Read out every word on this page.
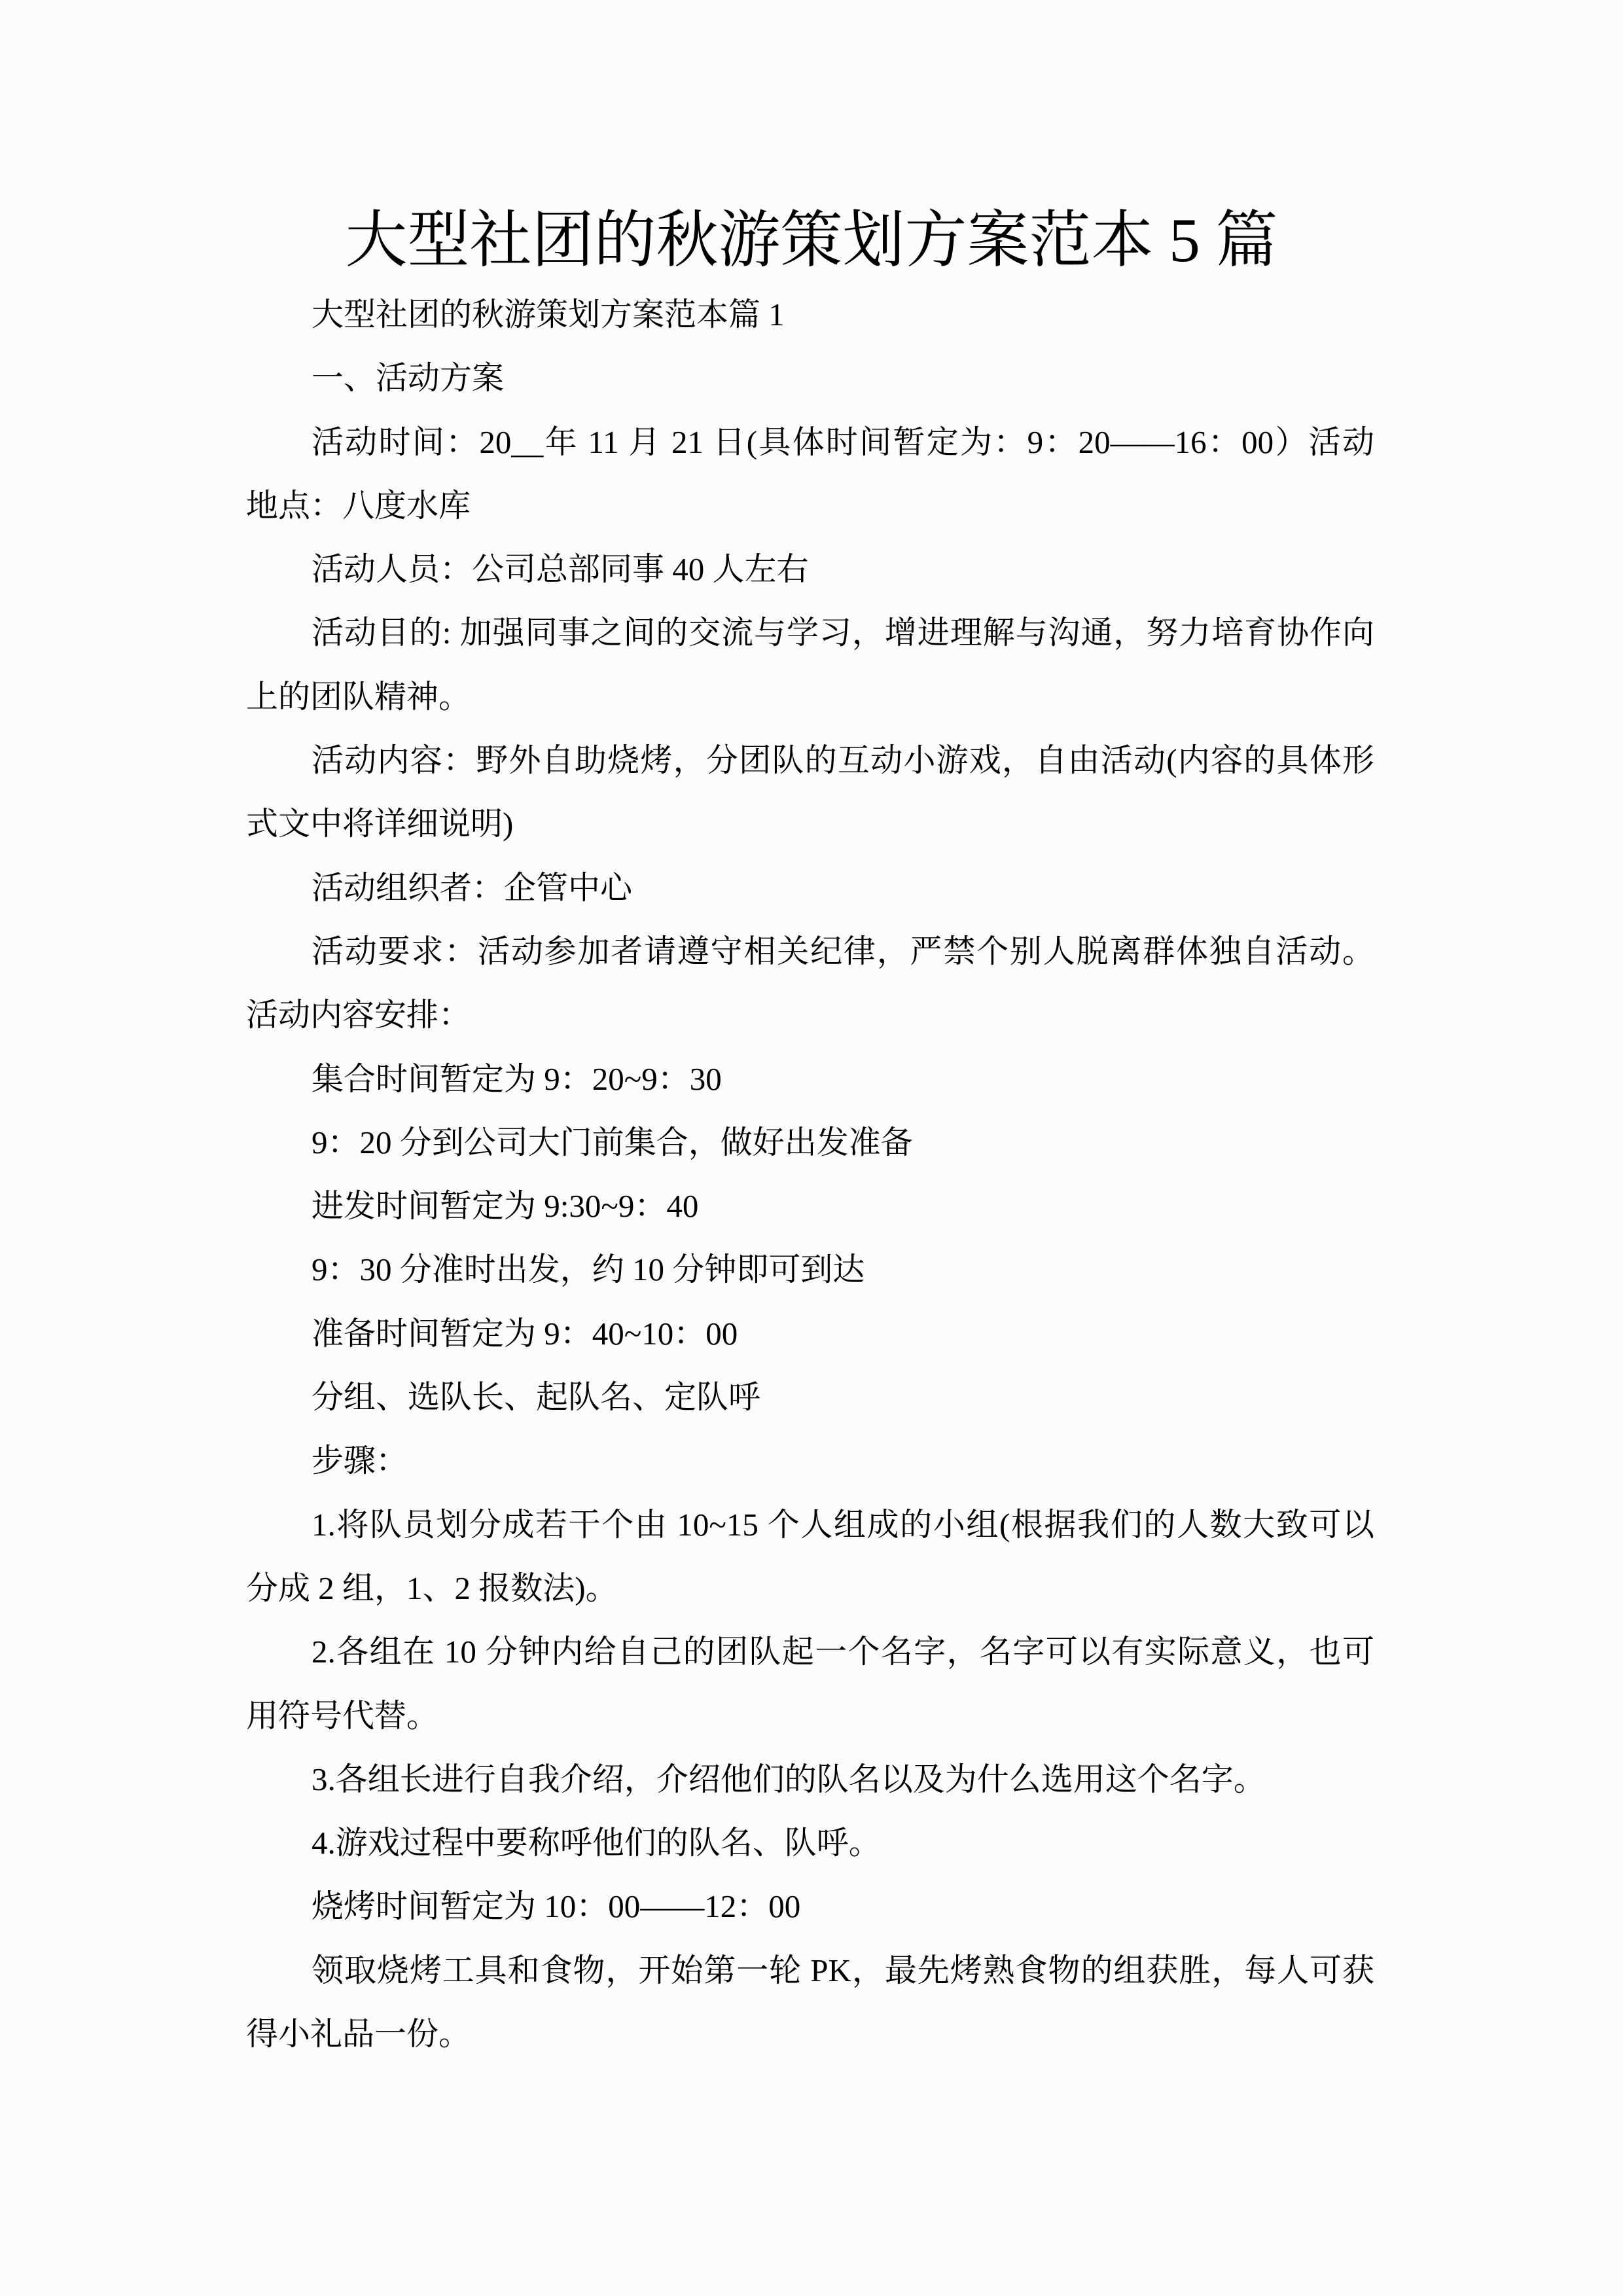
大型社团的秋游策划方案范本 5 篇
大型社团的秋游策划方案范本篇 1
一、活动方案
活动时间：20__年 11 月 21 日(具体时间暂定为：9：20——16：00）活动
地点：八度水库
活动人员：公司总部同事 40 人左右
活动目的: 加强同事之间的交流与学习，增进理解与沟通，努力培育协作向
上的团队精神。
活动内容：野外自助烧烤，分团队的互动小游戏，自由活动(内容的具体形
式文中将详细说明)
活动组织者：企管中心
活动要求：活动参加者请遵守相关纪律，严禁个别人脱离群体独自活动。
活动内容安排：
集合时间暂定为 9：20~9：30
9：20 分到公司大门前集合，做好出发准备
进发时间暂定为 9:30~9：40
9：30 分准时出发，约 10 分钟即可到达
准备时间暂定为 9：40~10：00
分组、选队长、起队名、定队呼
步骤：
1.将队员划分成若干个由 10~15 个人组成的小组(根据我们的人数大致可以
分成 2 组，1、2 报数法)。
2.各组在 10 分钟内给自己的团队起一个名字，名字可以有实际意义，也可
用符号代替。
3.各组长进行自我介绍，介绍他们的队名以及为什么选用这个名字。
4.游戏过程中要称呼他们的队名、队呼。
烧烤时间暂定为 10：00——12：00
领取烧烤工具和食物，开始第一轮 PK，最先烤熟食物的组获胜，每人可获
得小礼品一份。
